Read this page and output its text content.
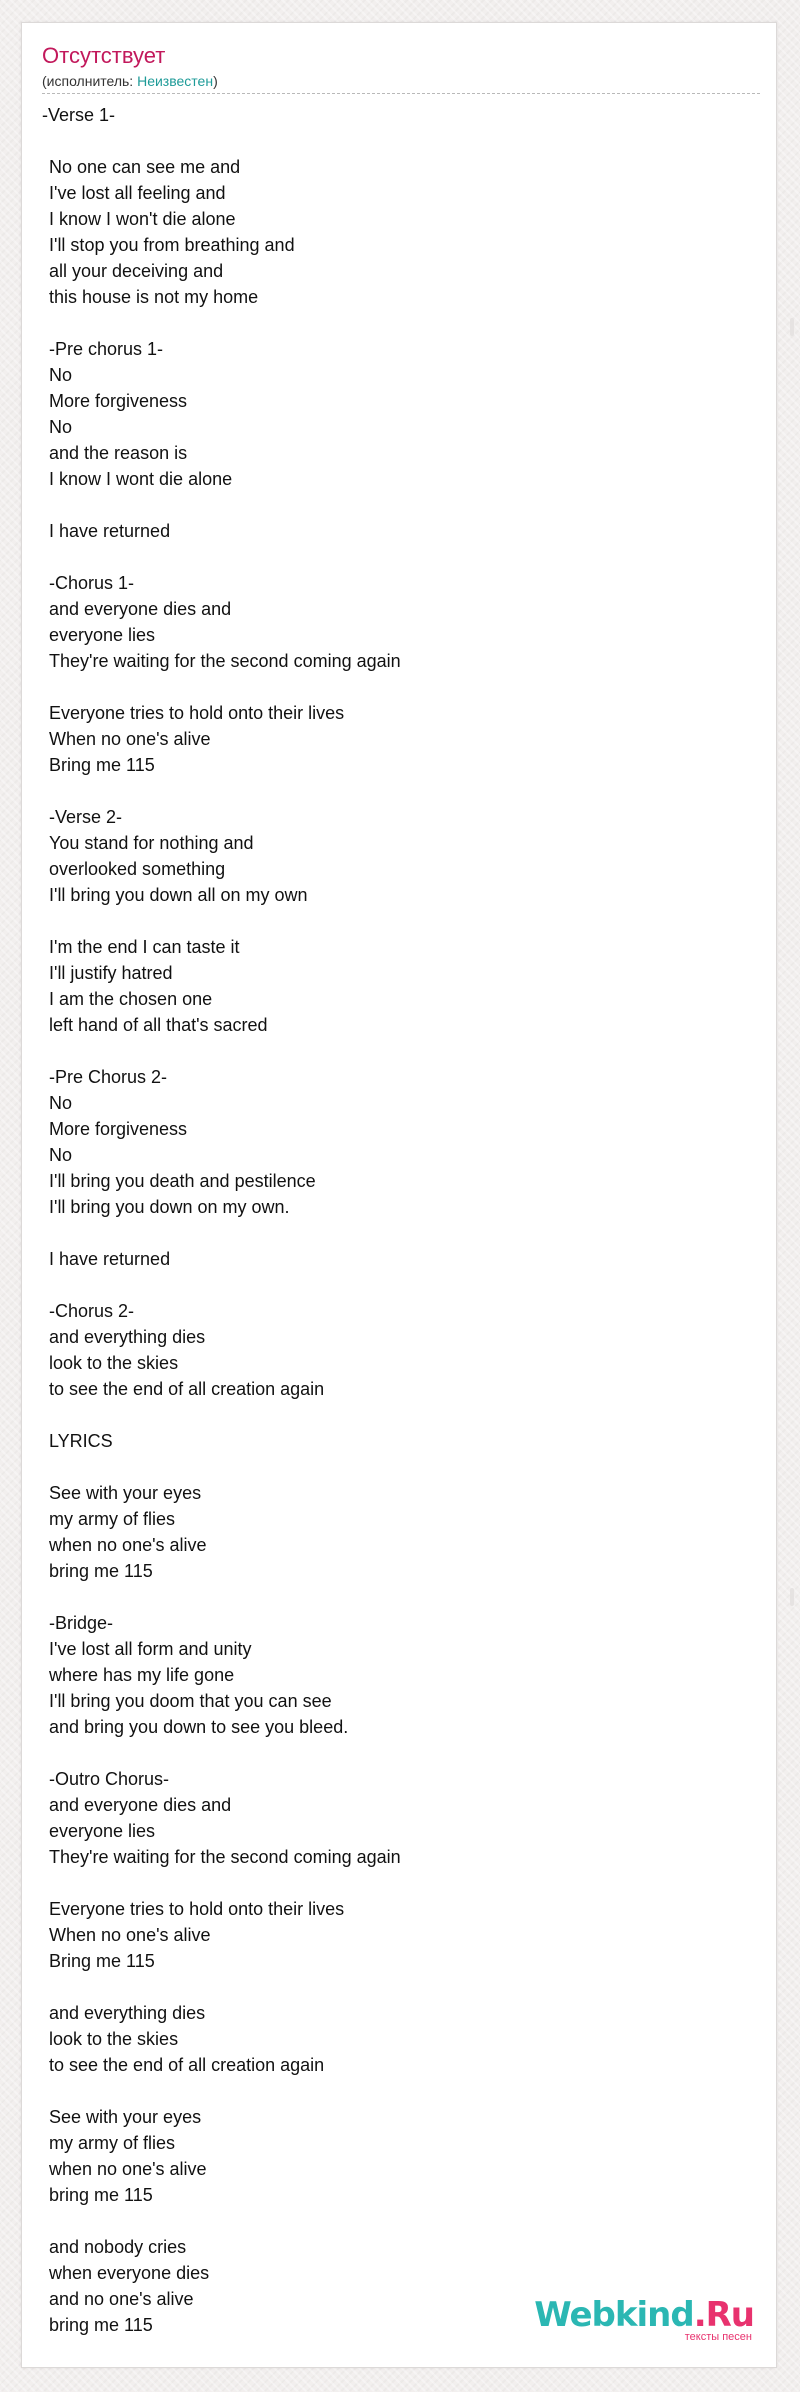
Отсутствует
(исполнитель: Неизвестен)
-Verse 1-
No one can see me and
I've lost all feeling and
I know I won't die alone
I'll stop you from breathing and
all your deceiving and
this house is not my home
-Pre chorus 1-
No
More forgiveness
No
and the reason is
I know I wont die alone
I have returned
-Chorus 1-
and everyone dies and
everyone lies
They're waiting for the second coming again
Everyone tries to hold onto their lives
When no one's alive
Bring me 115
-Verse 2-
You stand for nothing and
overlooked something
I'll bring you down all on my own
I'm the end I can taste it
I'll justify hatred
I am the chosen one
left hand of all that's sacred
-Pre Chorus 2-
No
More forgiveness
No
I'll bring you death and pestilence
I'll bring you down on my own.
I have returned
-Chorus 2-
and everything dies
look to the skies
to see the end of all creation again
LYRICS
See with your eyes
my army of flies
when no one's alive
bring me 115
-Bridge-
I've lost all form and unity
where has my life gone
I'll bring you doom that you can see
and bring you down to see you bleed.
-Outro Chorus-
and everyone dies and
everyone lies
They're waiting for the second coming again
Everyone tries to hold onto their lives
When no one's alive
Bring me 115
and everything dies
look to the skies
to see the end of all creation again
See with your eyes
my army of flies
when no one's alive
bring me 115
and nobody cries
when everyone dies
and no one's alive
bring me 115	Webkind.Ru
тексты песен
